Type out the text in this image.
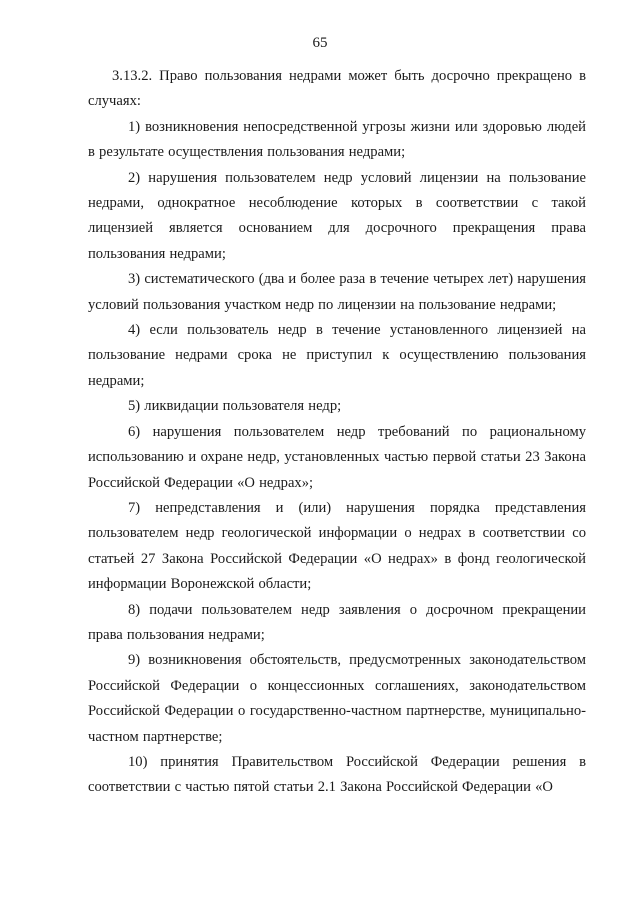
65

3.13.2. Право пользования недрами может быть досрочно прекращено в случаях:

1) возникновения непосредственной угрозы жизни или здоровью людей в результате осуществления пользования недрами;

2) нарушения пользователем недр условий лицензии на пользование недрами, однократное несоблюдение которых в соответствии с такой лицензией является основанием для досрочного прекращения права пользования недрами;

3) систематического (два и более раза в течение четырех лет) нарушения условий пользования участком недр по лицензии на пользование недрами;

4) если пользователь недр в течение установленного лицензией на пользование недрами срока не приступил к осуществлению пользования недрами;

5) ликвидации пользователя недр;

6) нарушения пользователем недр требований по рациональному использованию и охране недр, установленных частью первой статьи 23 Закона Российской Федерации «О недрах»;

7) непредставления и (или) нарушения порядка представления пользователем недр геологической информации о недрах в соответствии со статьей 27 Закона Российской Федерации «О недрах» в фонд геологической информации Воронежской области;

8) подачи пользователем недр заявления о досрочном прекращении права пользования недрами;

9) возникновения обстоятельств, предусмотренных законодательством Российской Федерации о концессионных соглашениях, законодательством Российской Федерации о государственно-частном партнерстве, муниципально-частном партнерстве;

10) принятия Правительством Российской Федерации решения в соответствии с частью пятой статьи 2.1 Закона Российской Федерации «О
